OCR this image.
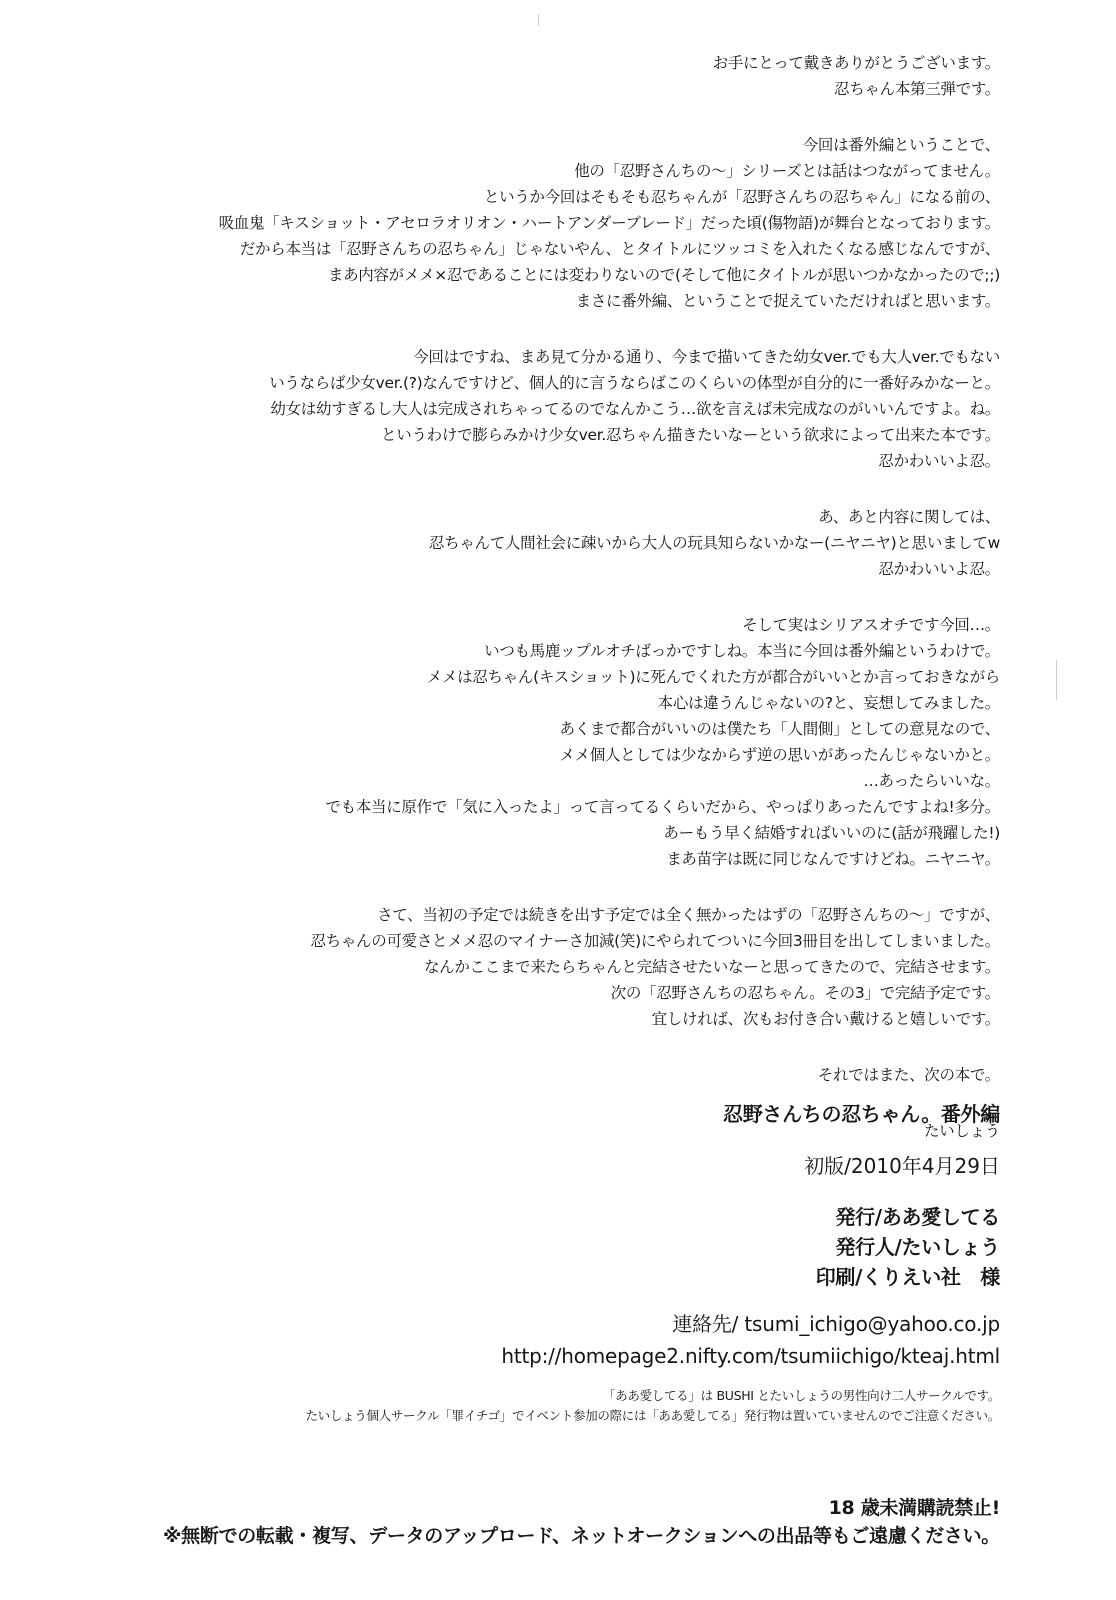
お手にとって戴きありがとうございます。

忍ちゃん本第三弾です。

今回は番外編ということで、

他の「忍野さんちの〜」シリーズとは話はつながってません。

というか今回はそもそも忍ちゃんが「忍野さんちの忍ちゃん」になる前の、

吸血鬼「キスショット・アセロラオリオン・ハートアンダーブレード」だった頃(傷物語)が舞台となっております。

だから本当は「忍野さんちの忍ちゃん」じゃないやん、とタイトルにツッコミを入れたくなる感じなんですが、

まあ内容がメメ×忍であることには変わりないので(そして他にタイトルが思いつかなかったので;;)

まさに番外編、ということで捉えていただければと思います。

今回はですね、まあ見て分かる通り、今まで描いてきた幼女ver.でも大人ver.でもない

いうならば少女ver.(?)なんですけど、個人的に言うならばこのくらいの体型が自分的に一番好みかなーと。

幼女は幼すぎるし大人は完成されちゃってるのでなんかこう…欲を言えば未完成なのがいいんですよ。ね。

というわけで膨らみかけ少女ver.忍ちゃん描きたいなーという欲求によって出来た本です。

忍かわいいよ忍。

あ、あと内容に関しては、

忍ちゃんて人間社会に疎いから大人の玩具知らないかなー(ニヤニヤ)と思いましてw

忍かわいいよ忍。

そして実はシリアスオチです今回…。

いつも馬鹿ップルオチばっかですしね。本当に今回は番外編というわけで。

メメは忍ちゃん(キスショット)に死んでくれた方が都合がいいとか言っておきながら

本心は違うんじゃないの?と、妄想してみました。

あくまで都合がいいのは僕たち「人間側」としての意見なので、

メメ個人としては少なからず逆の思いがあったんじゃないかと。

…あったらいいな。

でも本当に原作で「気に入ったよ」って言ってるくらいだから、やっぱりあったんですよね!多分。

あーもう早く結婚すればいいのに(話が飛躍した!)

まあ苗字は既に同じなんですけどね。ニヤニヤ。

さて、当初の予定では続きを出す予定では全く無かったはずの「忍野さんちの〜」ですが、

忍ちゃんの可愛さとメメ忍のマイナーさ加減(笑)にやられてついに今回3冊目を出してしまいました。

なんかここまで来たらちゃんと完結させたいなーと思ってきたので、完結させます。

次の「忍野さんちの忍ちゃん。その3」で完結予定です。

宜しければ、次もお付き合い戴けると嬉しいです。

それではまた、次の本で。

たいしょう

忍野さんちの忍ちゃん。番外編

初版/2010年4月29日

発行/ああ愛してる

発行人/たいしょう

印刷/くりえい社　様

連絡先/ tsumi_ichigo@yahoo.co.jp

http://homepage2.nifty.com/tsumiichigo/kteaj.html

「ああ愛してる」は BUSHI とたいしょうの男性向け二人サークルです。

たいしょう個人サークル「罪イチゴ」でイベント参加の際には「ああ愛してる」発行物は置いていませんのでご注意ください。

18 歳未満購読禁止!

※無断での転載・複写、データのアップロード、ネットオークションへの出品等もご遠慮ください。
